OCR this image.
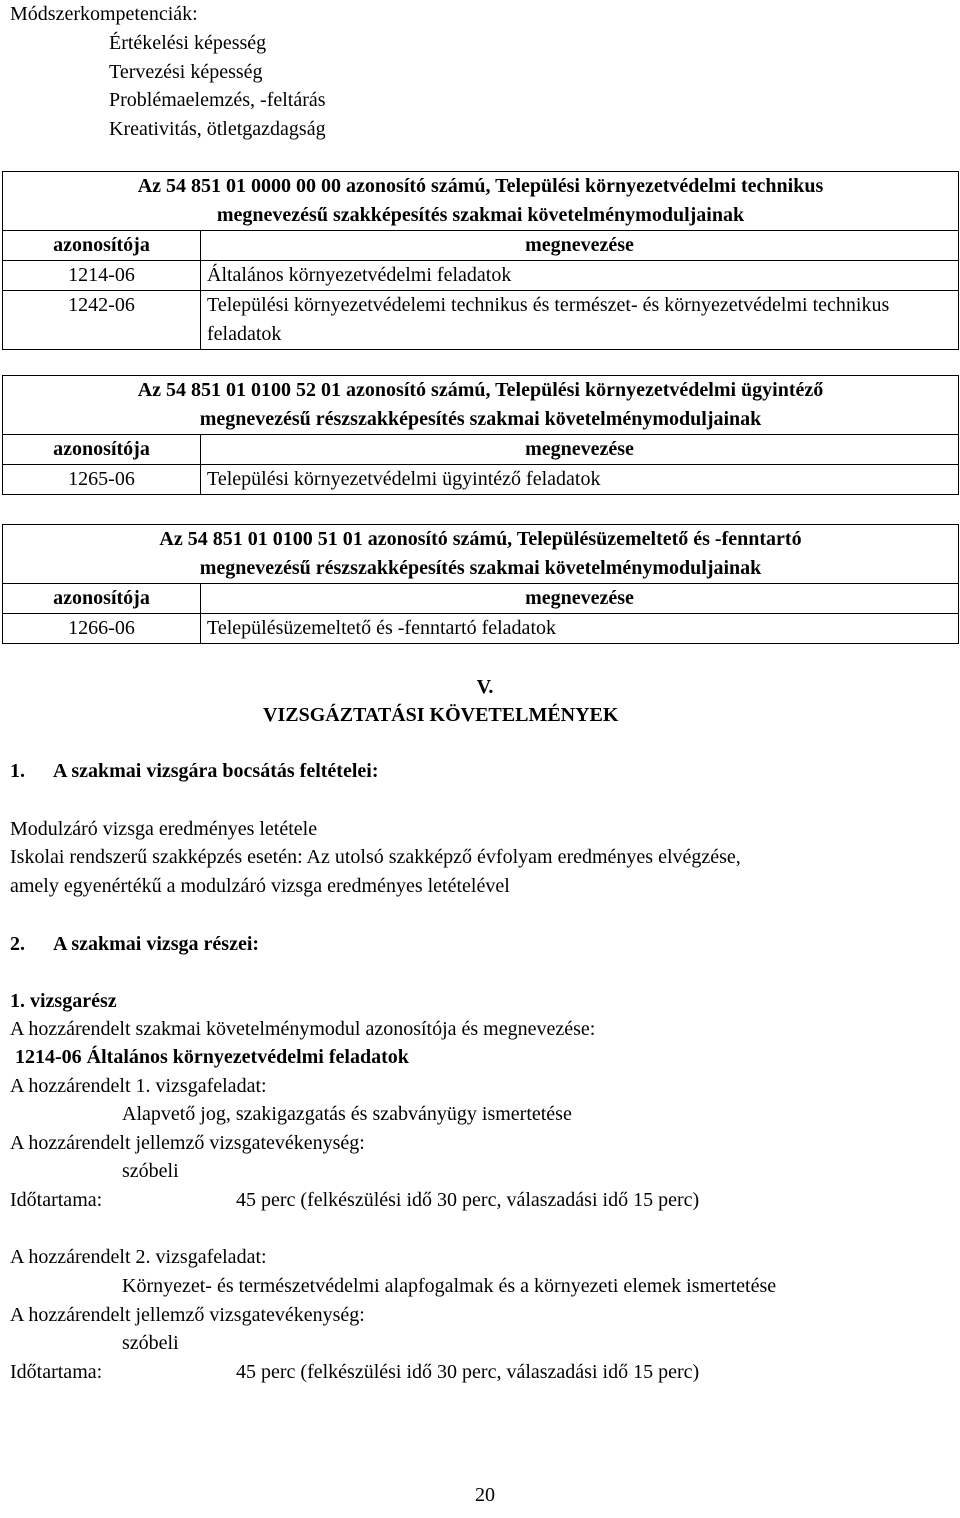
Módszerkompetenciák:
Értékelési képesség
Tervezési képesség
Problémaelemzés, -feltárás
Kreativitás, ötletgazdagság
Az 54 851 01 0000 00 00 azonosító számú, Települési környezetvédelmi technikus
megnevezésű szakképesítés szakmai követelménymoduljainak	

azonosítója	megnevezése
1214-06	Általános környezetvédelmi feladatok
1242-06	Települési környezetvédelemi technikus és természet- és környezetvédelmi technikus feladatok
Az 54 851 01 0100 52 01 azonosító számú, Települési környezetvédelmi ügyintéző
megnevezésű részszakképesítés szakmai követelménymoduljainak	

azonosítója	megnevezése
1265-06	Települési környezetvédelmi ügyintéző feladatok
Az 54 851 01 0100 51 01 azonosító számú, Településüzemeltető és -fenntartó
megnevezésű részszakképesítés szakmai követelménymoduljainak	

azonosítója	megnevezése
1266-06	Településüzemeltető és -fenntartó feladatok
V.
VIZSGÁZTATÁSI KÖVETELMÉNYEK
1. A szakmai vizsgára bocsátás feltételei:
Modulzáró vizsga eredményes letétele
Iskolai rendszerű szakképzés esetén: Az utolsó szakképző évfolyam eredményes elvégzése,
amely egyenértékű a modulzáró vizsga eredményes letételével
2. A szakmai vizsga részei:
1. vizsgarész
A hozzárendelt szakmai követelménymodul azonosítója és megnevezése:
1214-06 Általános környezetvédelmi feladatok
A hozzárendelt 1. vizsgafeladat:
Alapvető jog, szakigazgatás és szabványügy ismertetése
A hozzárendelt jellemző vizsgatevékenység:
szóbeli
Időtartama:	45 perc (felkészülési idő 30 perc, válaszadási idő 15 perc)
A hozzárendelt 2. vizsgafeladat:
Környezet- és természetvédelmi alapfogalmak és a környezeti elemek ismertetése
A hozzárendelt jellemző vizsgatevékenység:
szóbeli
Időtartama:	45 perc (felkészülési idő 30 perc, válaszadási idő 15 perc)
20
